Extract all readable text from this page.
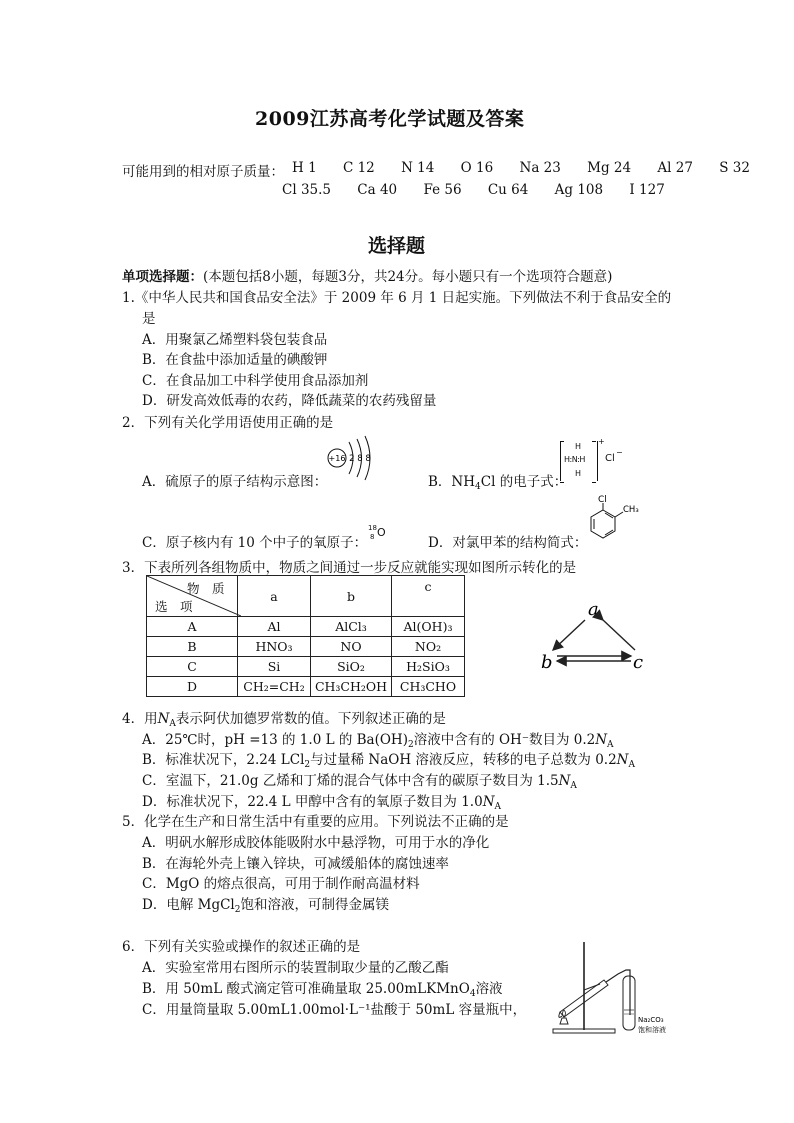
2009江苏高考化学试题及答案
可能用到的相对原子质量： H 1 C 12 N 14 O 16 Na 23 Mg 24 Al 27 S 32
Cl 35.5 Ca 40 Fe 56 Cu 64 Ag 108 I 127
选择题
单项选择题：(本题包括8小题，每题3分，共24分。每小题只有一个选项符合题意)
1.《中华人民共和国食品安全法》于 2009 年 6 月 1 日起实施。下列做法不利于食品安全的
是
A．用聚氯乙烯塑料袋包装食品
B．在食盐中添加适量的碘酸钾
C．在食品加工中科学使用食品添加剂
D．研发高效低毒的农药，降低蔬菜的农药残留量
2．下列有关化学用语使用正确的是
A．硫原子的原子结构示意图：
+16 2 8 8
B．$NH_4Cl$ 的电子式：
H
H:N:H
H
+
Cl
−
C．原子核内有 10 个中子的氧原子：
18
8 O
D．对氯甲苯的结构简式：
Cl
CH₃
3．下表所列各组物质中，物质之间通过一步反应就能实现如图所示转化的是
物　质
选　项	a	b	c
A	Al	AlCl₃	Al(OH)₃
B	HNO₃	NO	NO₂
C	Si	SiO₂	H₂SiO₃
D	CH₂=CH₂	CH₃CH₂OH	CH₃CHO
a
b	c
4．用$N_A$表示阿伏加德罗常数的值。下列叙述正确的是
A．25℃时，pH =13 的 1.0 L 的 $Ba(OH)_2$溶液中含有的 OH⁻数目为 $0.2N_A$
B．标准状况下，2.24 LCl$_2$与过量稀 NaOH 溶液反应，转移的电子总数为 $0.2N_A$
C．室温下，21.0g 乙烯和丁烯的混合气体中含有的碳原子数目为 $1.5N_A$
D．标准状况下，22.4 L 甲醇中含有的氧原子数目为 $1.0N_A$
5．化学在生产和日常生活中有重要的应用。下列说法不正确的是
A．明矾水解形成胶体能吸附水中悬浮物，可用于水的净化
B．在海轮外壳上镶入锌块，可减缓船体的腐蚀速率
C．MgO 的熔点很高，可用于制作耐高温材料
D．电解 MgCl$_2$饱和溶液，可制得金属镁
6．下列有关实验或操作的叙述正确的是
A．实验室常用右图所示的装置制取少量的乙酸乙酯
B．用 50mL 酸式滴定管可准确量取 25.00mLKMnO$_4$溶液
C．用量筒量取 5.00mL1.00mol·L⁻¹盐酸于 50mL 容量瓶中，
Na₂CO₃
饱和溶液
